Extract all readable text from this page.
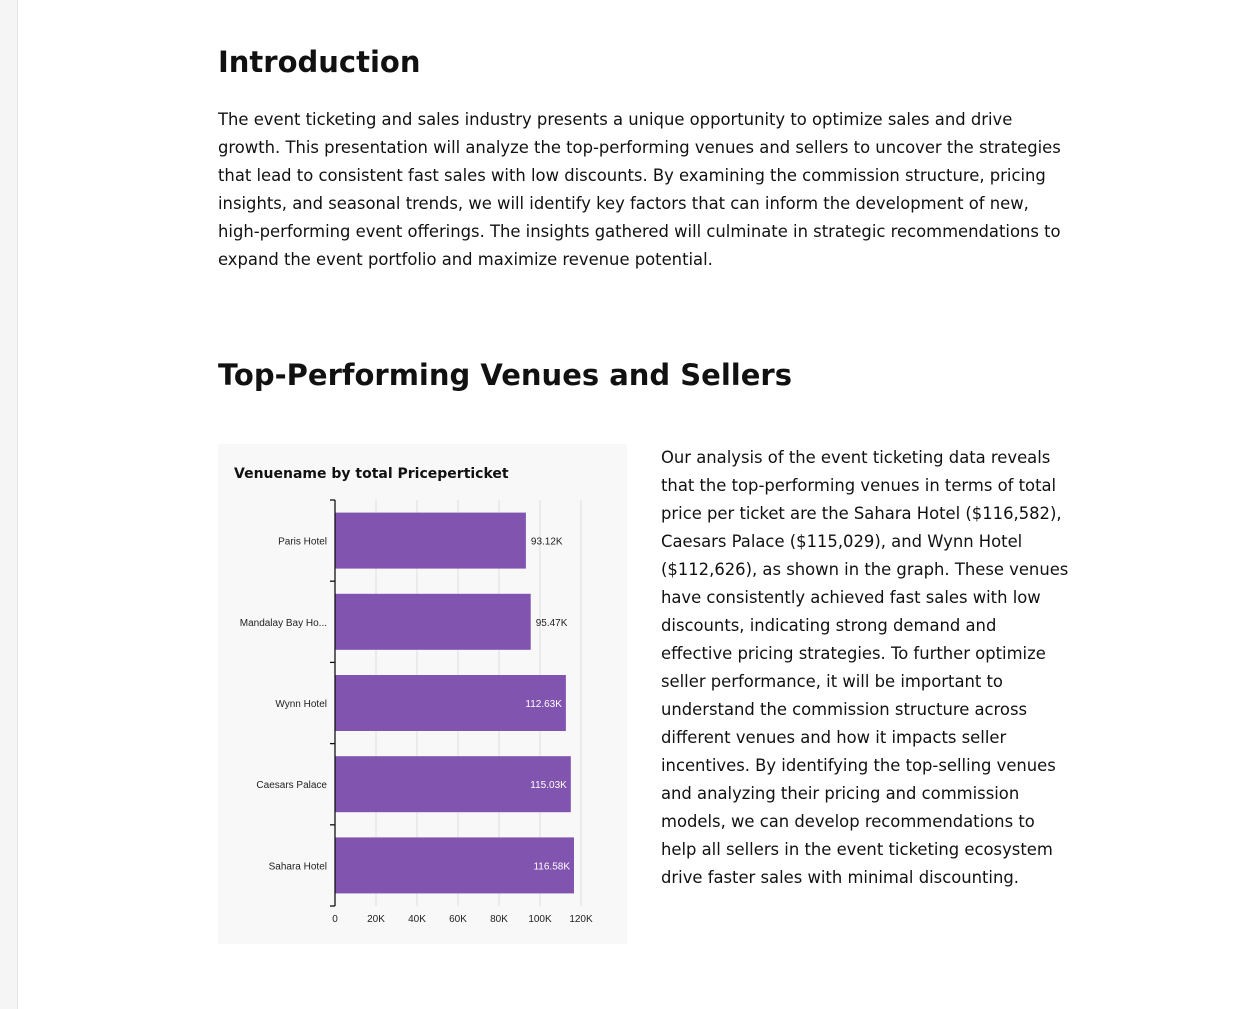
Introduction

The event ticketing and sales industry presents a unique opportunity to optimize sales and drive growth. This presentation will analyze the top-performing venues and sellers to uncover the strategies that lead to consistent fast sales with low discounts. By examining the commission structure, pricing insights, and seasonal trends, we will identify key factors that can inform the development of new, high-performing event offerings. The insights gathered will culminate in strategic recommendations to expand the event portfolio and maximize revenue potential.

Top-Performing Venues and Sellers
Venuename by total Priceperticket
Paris Hotel	93.12K
Mandalay Bay Ho...	95.47K
Wynn Hotel	112.63K
Caesars Palace	115.03K
Sahara Hotel	116.58K
0	20K 40K 60K 80K 100K 120K

Our analysis of the event ticketing data reveals that the top-performing venues in terms of total price per ticket are the Sahara Hotel ($116,582), Caesars Palace ($115,029), and Wynn Hotel ($112,626), as shown in the graph. These venues have consistently achieved fast sales with low discounts, indicating strong demand and effective pricing strategies. To further optimize seller performance, it will be important to understand the commission structure across different venues and how it impacts seller incentives. By identifying the top-selling venues and analyzing their pricing and commission models, we can develop recommendations to help all sellers in the event ticketing ecosystem drive faster sales with minimal discounting.
